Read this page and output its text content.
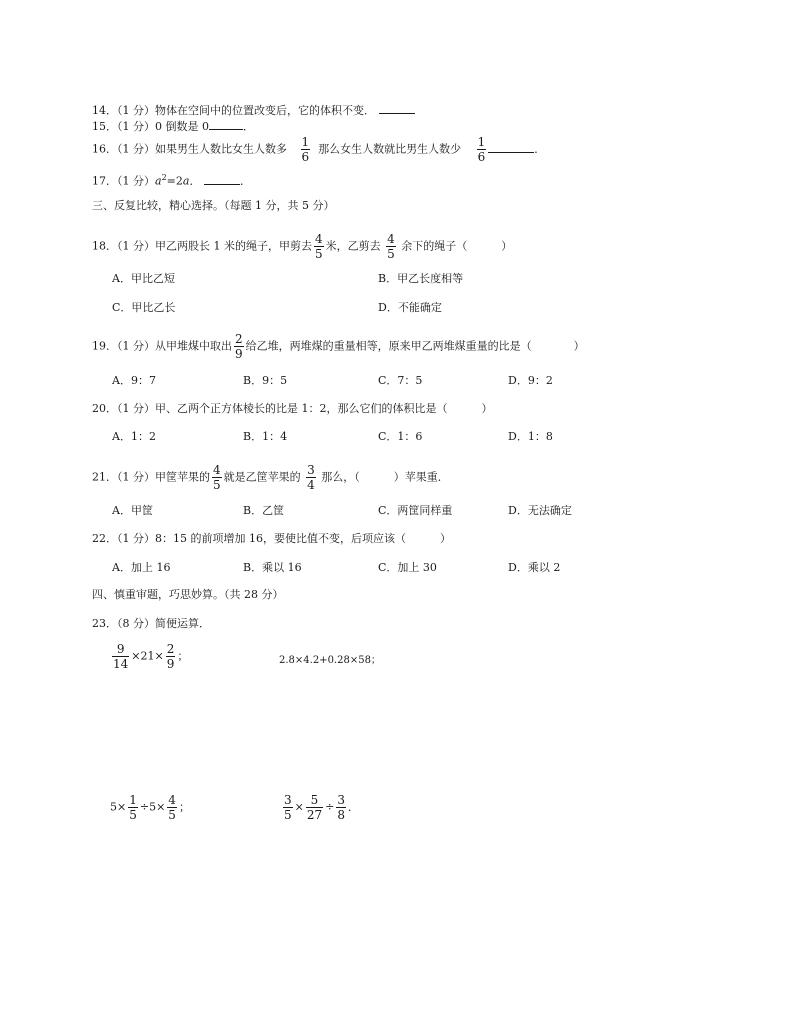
14．（1 分）物体在空间中的位置改变后，它的体积不变．
15．（1 分）0 倒数是 0	．
16．（1 分）如果男生人数比女生人数多 $\frac{1}{6}$ 那么女生人数就比男生人数少 $\frac{1}{6}$	．
17．（1 分）$a^2=2a$．	．
三、反复比较，精心选择。（每题 1 分，共 5 分）
18．（1 分）甲乙两股长 1 米的绳子，甲剪去 $\frac{4}{5}$ 米，乙剪去 $\frac{4}{5}$ 余下的绳子（	）
A．甲比乙短	B．甲乙长度相等
C．甲比乙长	D．不能确定
19．（1 分）从甲堆煤中取出 $\frac{2}{9}$ 给乙堆，两堆煤的重量相等，原来甲乙两堆煤重量的比是（	）
A．9：7	B．9：5	C．7：5	D．9：2
20．（1 分）甲、乙两个正方体棱长的比是 1：2，那么它们的体积比是（	）
A．1：2	B．1：4	C．1：6	D．1：8
21．（1 分）甲筐苹果的 $\frac{4}{5}$ 就是乙筐苹果的 $\frac{3}{4}$ 那么，（	）苹果重．
A．甲筐	B．乙筐	C．两筐同样重	D．无法确定
22．（1 分）8：15 的前项增加 16，要使比值不变，后项应该（	）
A．加上 16	B．乘以 16	C．加上 30	D．乘以 2
四、慎重审题，巧思妙算。（共 28 分）
23．（8 分）简便运算．
$\frac{9}{14} \times 21\times \frac{2}{9}$ ；	2.8×4.2+0.28×58；
$5\times \frac{1}{5} \div 5\times \frac{4}{5}$ ；	$\frac{3}{5} \times \frac{5}{27} \div \frac{3}{8}$ ．
